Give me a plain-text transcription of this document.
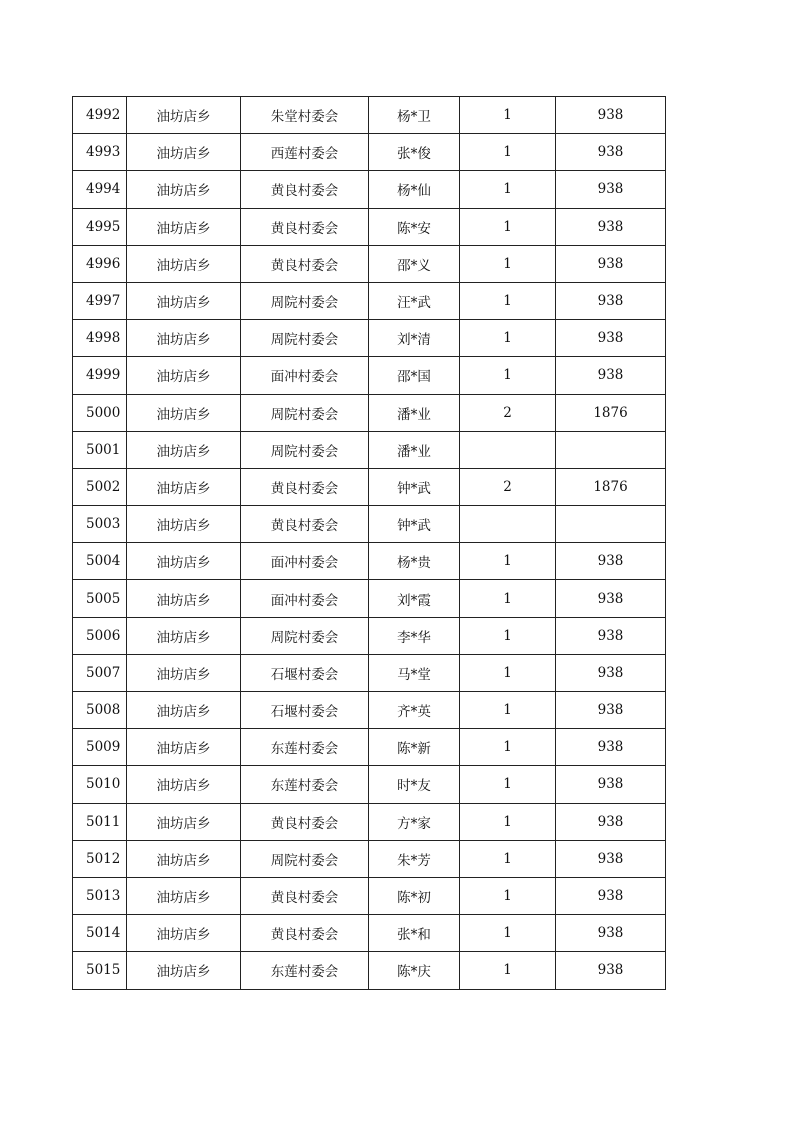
4992	油坊店乡	朱堂村委会	杨*卫	1	938
4993	油坊店乡	西莲村委会	张*俊	1	938
4994	油坊店乡	黄良村委会	杨*仙	1	938
4995	油坊店乡	黄良村委会	陈*安	1	938
4996	油坊店乡	黄良村委会	邵*义	1	938
4997	油坊店乡	周院村委会	汪*武	1	938
4998	油坊店乡	周院村委会	刘*清	1	938
4999	油坊店乡	面冲村委会	邵*国	1	938
5000	油坊店乡	周院村委会	潘*业	2	1876
5001	油坊店乡	周院村委会	潘*业		
5002	油坊店乡	黄良村委会	钟*武	2	1876
5003	油坊店乡	黄良村委会	钟*武		
5004	油坊店乡	面冲村委会	杨*贵	1	938
5005	油坊店乡	面冲村委会	刘*霞	1	938
5006	油坊店乡	周院村委会	李*华	1	938
5007	油坊店乡	石堰村委会	马*堂	1	938
5008	油坊店乡	石堰村委会	齐*英	1	938
5009	油坊店乡	东莲村委会	陈*新	1	938
5010	油坊店乡	东莲村委会	时*友	1	938
5011	油坊店乡	黄良村委会	方*家	1	938
5012	油坊店乡	周院村委会	朱*芳	1	938
5013	油坊店乡	黄良村委会	陈*初	1	938
5014	油坊店乡	黄良村委会	张*和	1	938
5015	油坊店乡	东莲村委会	陈*庆	1	938
